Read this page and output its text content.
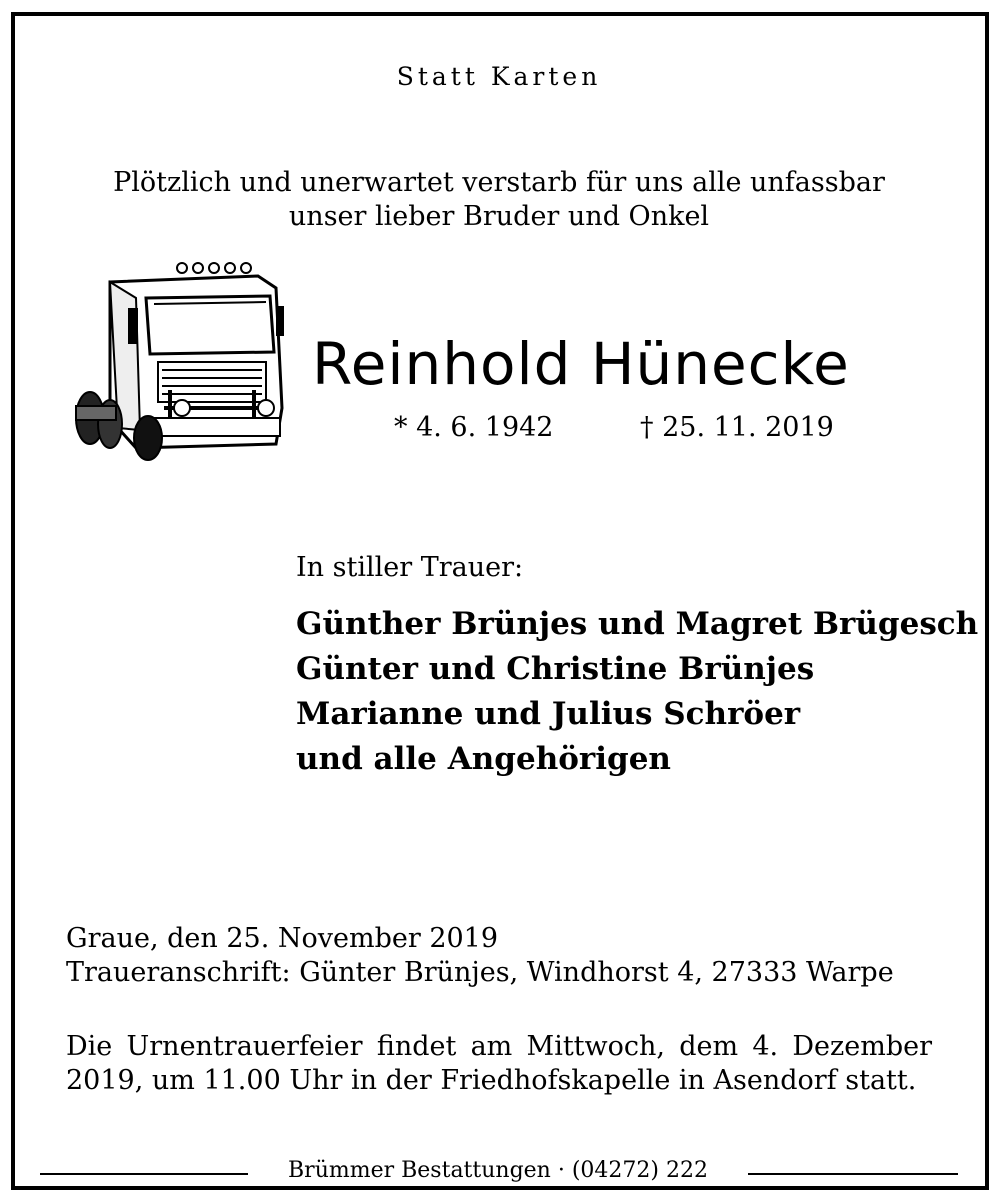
Statt Karten
Plötzlich und unerwartet verstarb für uns alle unfassbar
unser lieber Bruder und Onkel
Reinhold Hünecke
* 4. 6. 1942	† 25. 11. 2019
In stiller Trauer:
Günther Brünjes und Magret Brügesch
Günter und Christine Brünjes
Marianne und Julius Schröer
und alle Angehörigen
Graue, den 25. November 2019
Traueranschrift: Günter Brünjes, Windhorst 4, 27333 Warpe
Die Urnentrauerfeier findet am Mittwoch, dem 4. Dezember 2019, um 11.00 Uhr in der Friedhofskapelle in Asendorf statt.
Brümmer Bestattungen · (04272) 222
